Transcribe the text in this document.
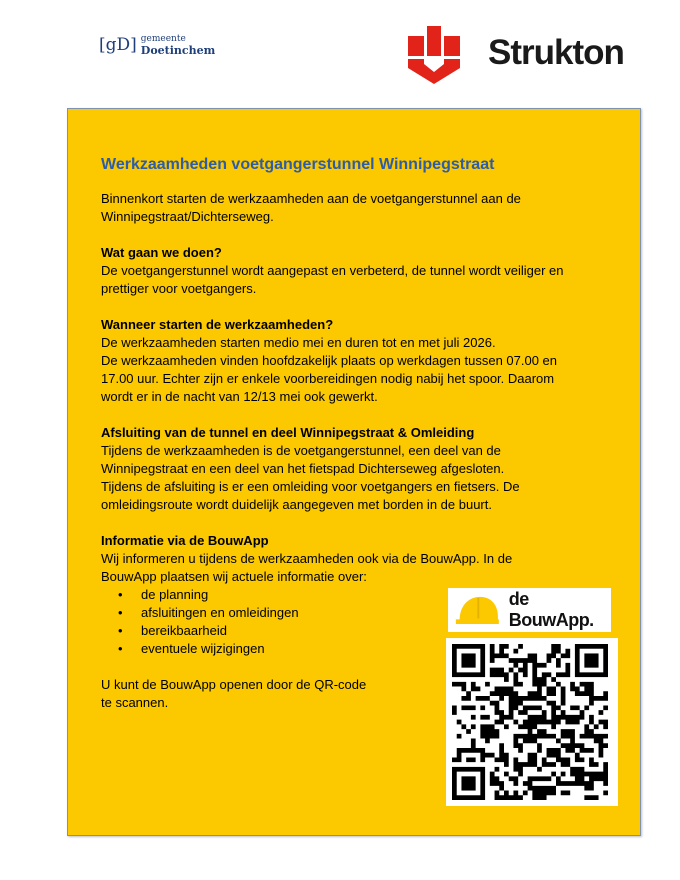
[gD] gemeente
Doetinchem	Strukton
Werkzaamheden voetgangerstunnel Winnipegstraat

Binnenkort starten de werkzaamheden aan de voetgangerstunnel aan de

Winnipegstraat/Dichterseweg.

Wat gaan we doen?

De voetgangerstunnel wordt aangepast en verbeterd, de tunnel wordt veiliger en

prettiger voor voetgangers.

Wanneer starten de werkzaamheden?

De werkzaamheden starten medio mei en duren tot en met juli 2026.

De werkzaamheden vinden hoofdzakelijk plaats op werkdagen tussen 07.00 en

17.00 uur. Echter zijn er enkele voorbereidingen nodig nabij het spoor. Daarom

wordt er in de nacht van 12/13 mei ook gewerkt.

Afsluiting van de tunnel en deel Winnipegstraat & Omleiding

Tijdens de werkzaamheden is de voetgangerstunnel, een deel van de

Winnipegstraat en een deel van het fietspad Dichterseweg afgesloten.

Tijdens de afsluiting is er een omleiding voor voetgangers en fietsers. De

omleidingsroute wordt duidelijk aangegeven met borden in de buurt.

Informatie via de BouwApp

Wij informeren u tijdens de werkzaamheden ook via de BouwApp. In de

BouwApp plaatsen wij actuele informatie over:

• de planning
• afsluitingen en omleidingen
• bereikbaarheid
• eventuele wijzigingen

U kunt de BouwApp openen door de QR-code

te scannen.

de BouwApp.
